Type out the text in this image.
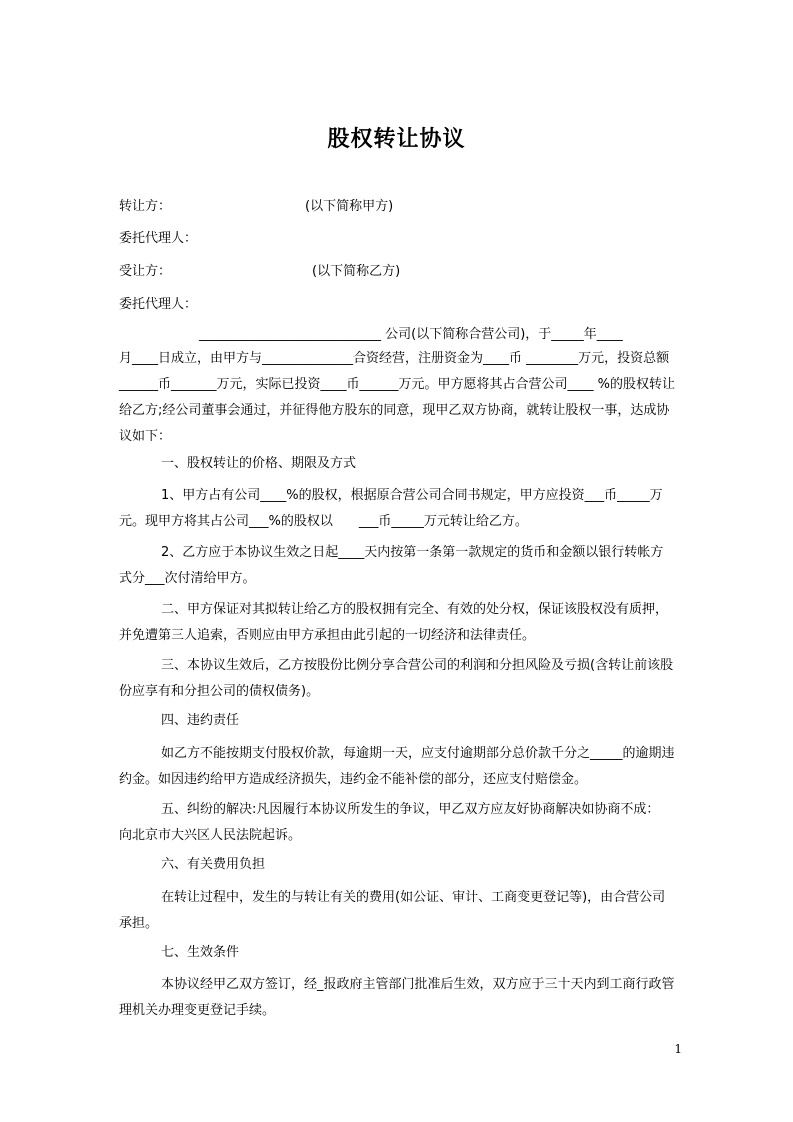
股权转让协议
转让方：	(以下简称甲方)
委托代理人：
受让方：	(以下简称乙方)
委托代理人：
____________________________ 公司(以下简称合营公司)，于_____年____
月____日成立，由甲方与______________合资经营，注册资金为____币 ________万元，投资总额______币_______万元，实际已投资____币______万元。甲方愿将其占合营公司____ %的股权转让给乙方;经公司董事会通过，并征得他方股东的同意，现甲乙双方协商，就转让股权一事，达成协议如下：
一、股权转让的价格、期限及方式
1、甲方占有公司____%的股权，根据原合营公司合同书规定，甲方应投资___币_____万元。现甲方将其占公司___%的股权以　　___币_____万元转让给乙方。
2、乙方应于本协议生效之日起____天内按第一条第一款规定的货币和金额以银行转帐方式分___次付清给甲方。
二、甲方保证对其拟转让给乙方的股权拥有完全、有效的处分权，保证该股权没有质押，并免遭第三人追索，否则应由甲方承担由此引起的一切经济和法律责任。
三、本协议生效后，乙方按股份比例分享合营公司的利润和分担风险及亏损(含转让前该股份应享有和分担公司的债权债务)。
四、违约责任
如乙方不能按期支付股权价款，每逾期一天，应支付逾期部分总价款千分之_____的逾期违约金。如因违约给甲方造成经济损失，违约金不能补偿的部分，还应支付赔偿金。
五、纠纷的解决:凡因履行本协议所发生的争议，甲乙双方应友好协商解决如协商不成：　　向北京市大兴区人民法院起诉。
六、有关费用负担
在转让过程中，发生的与转让有关的费用(如公证、审计、工商变更登记等)，由合营公司承担。
七、生效条件
本协议经甲乙双方签订，经_报政府主管部门批准后生效，双方应于三十天内到工商行政管理机关办理变更登记手续。
1
